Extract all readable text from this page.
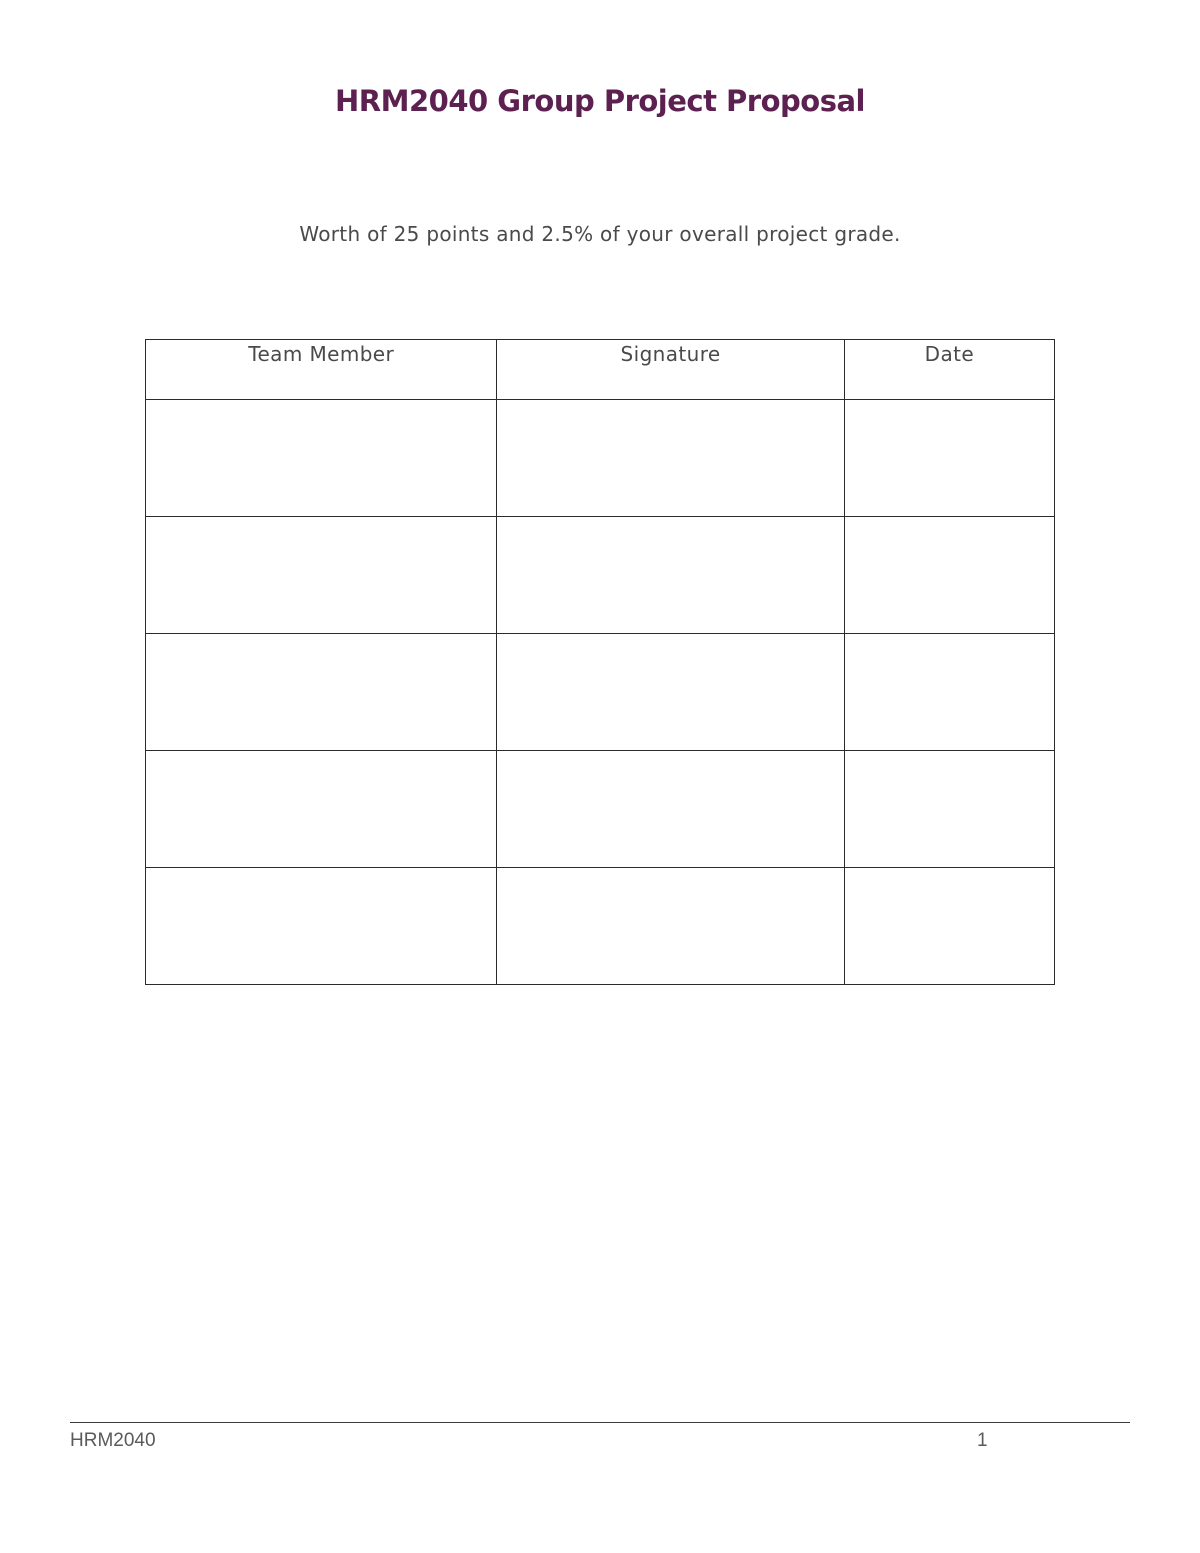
HRM2040 Group Project Proposal

Worth of 25 points and 2.5% of your overall project grade.

Team Member	Signature	Date

HRM2040	1
